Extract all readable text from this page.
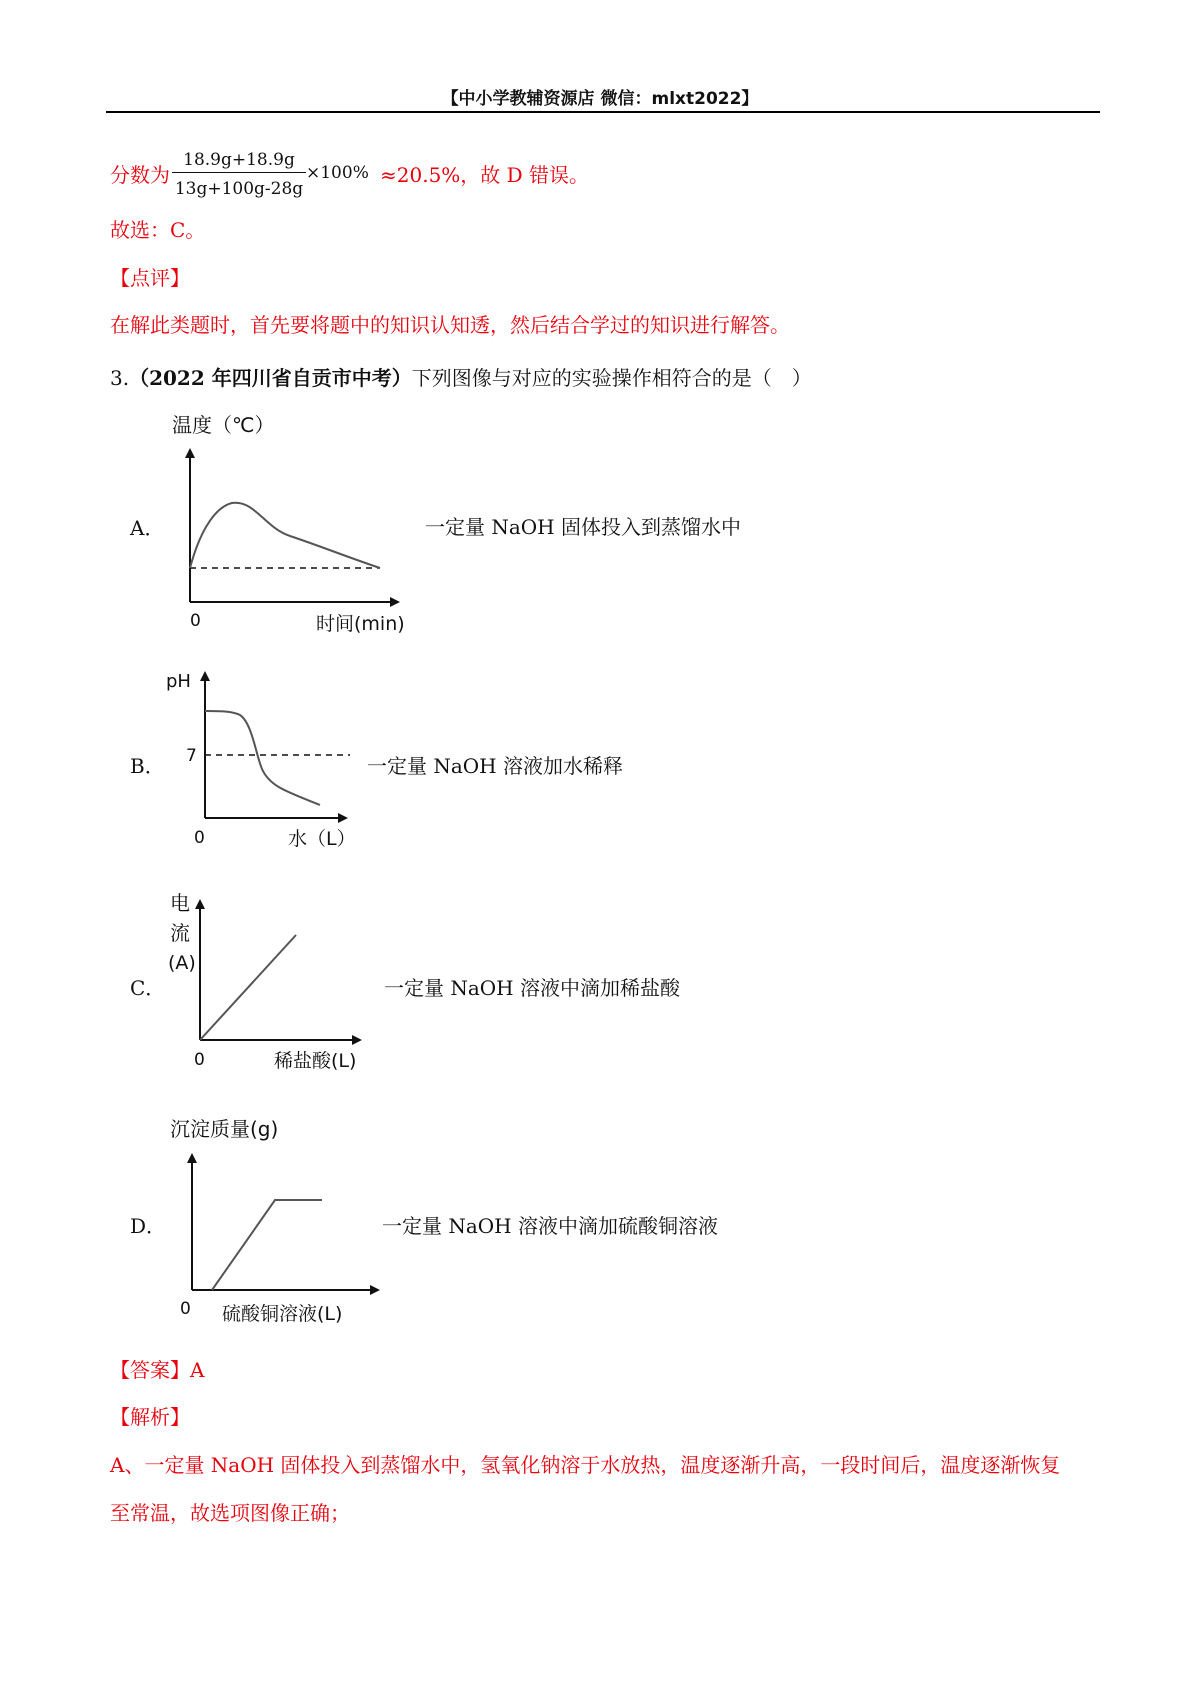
【中小学教辅资源店 微信：mlxt2022】
分数为
18.9g+18.9g
13g+100g-28g
×100% ≈20.5%，故 D 错误。
故选：C。
【点评】
在解此类题时，首先要将题中的知识认知透，然后结合学过的知识进行解答。
3.（2022 年四川省自贡市中考）下列图像与对应的实验操作相符合的是（　）
A．	一定量 NaOH 固体投入到蒸馏水中
温度（℃）
0	时间(min)
B．	一定量 NaOH 溶液加水稀释
pH
7
0	水（L）
C．	一定量 NaOH 溶液中滴加稀盐酸
电
流
(A)
0	稀盐酸(L)
D．	一定量 NaOH 溶液中滴加硫酸铜溶液
沉淀质量(g)
0 硫酸铜溶液(L)
【答案】A
【解析】
A、一定量 NaOH 固体投入到蒸馏水中，氢氧化钠溶于水放热，温度逐渐升高，一段时间后，温度逐渐恢复
至常温，故选项图像正确；
